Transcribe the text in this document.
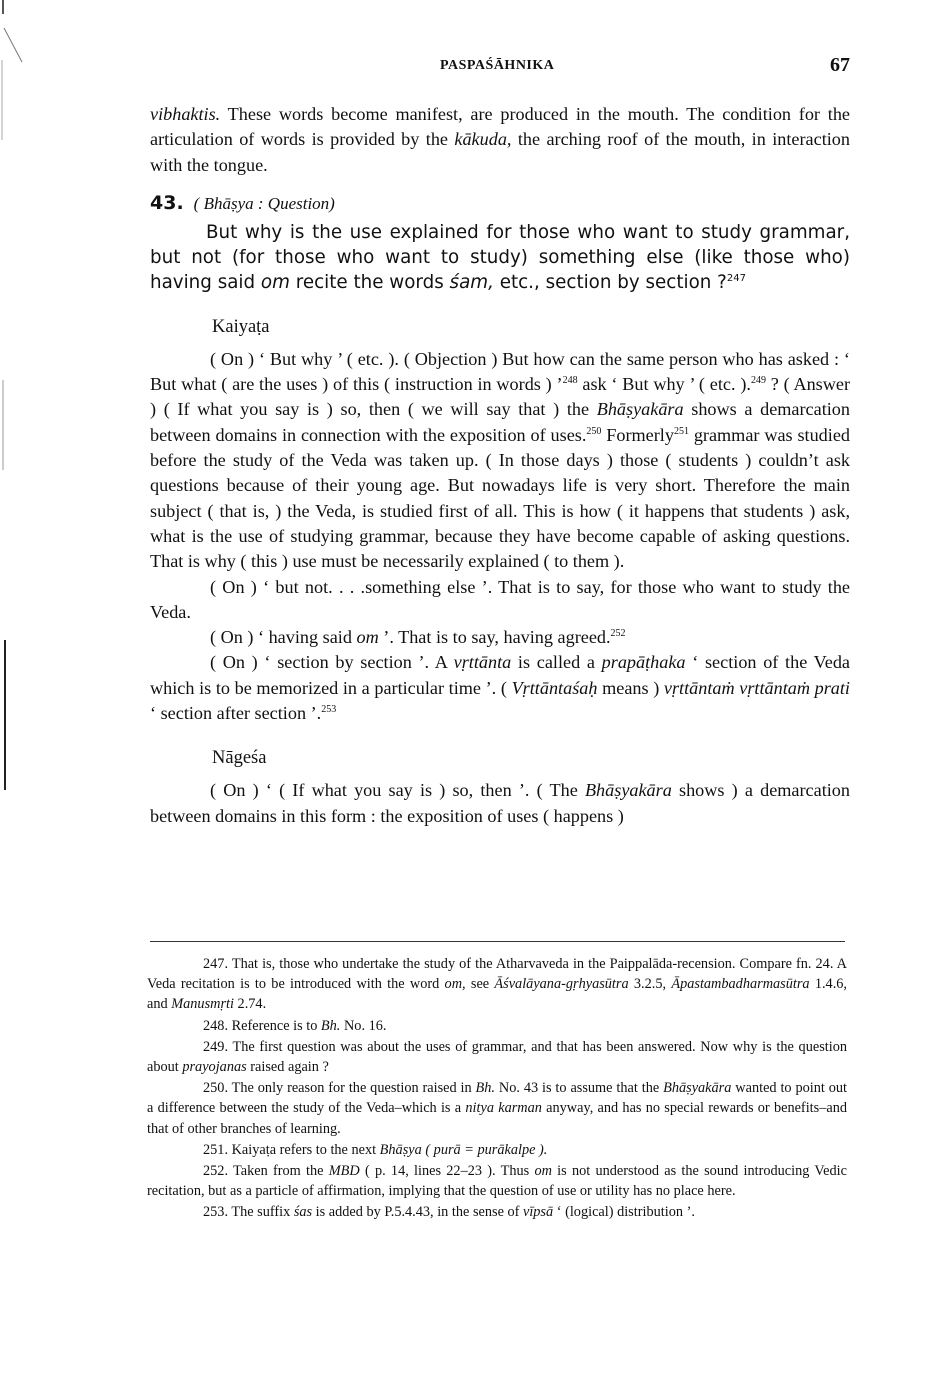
PASPAŚĀHNIKA	67

vibhaktis. These words become manifest, are produced in the mouth. The condition for the articulation of words is provided by the kākuda, the arching roof of the mouth, in interaction with the tongue.

43. ( Bhāṣya : Question)

But why is the use explained for those who want to study grammar, but not (for those who want to study) something else (like those who) having said om recite the words śam, etc., section by section ?$^{247}$

Kaiyaṭa

( On ) ‘ But why ’ ( etc. ). ( Objection ) But how can the same person who has asked : ‘ But what ( are the uses ) of this ( instruction in words ) ’$^{248}$ ask ‘ But why ’ ( etc. ).$^{249}$ ? ( Answer ) ( If what you say is ) so, then ( we will say that ) the Bhāṣyakāra shows a demarcation between domains in connection with the exposition of uses.$^{250}$ Formerly$^{251}$ grammar was studied before the study of the Veda was taken up. ( In those days ) those ( students ) couldn’t ask questions because of their young age. But nowadays life is very short. Therefore the main subject ( that is, ) the Veda, is studied first of all. This is how ( it happens that students ) ask, what is the use of studying grammar, because they have become capable of asking questions. That is why ( this ) use must be necessarily explained ( to them ).

( On ) ‘ but not. . . .something else ’. That is to say, for those who want to study the Veda.

( On ) ‘ having said om ’. That is to say, having agreed.$^{252}$

( On ) ‘ section by section ’. A vṛttānta is called a prapāṭhaka ‘ section of the Veda which is to be memorized in a particular time ’. ( Vṛttāntaśaḥ means ) vṛttāntaṁ vṛttāntaṁ prati ‘ section after section ’.$^{253}$

Nāgeśa

( On ) ‘ ( If what you say is ) so, then ’. ( The Bhāṣyakāra shows ) a demarcation between domains in this form : the exposition of uses ( happens )

247. That is, those who undertake the study of the Atharvaveda in the Paippalāda-recension. Compare fn. 24. A Veda recitation is to be introduced with the word om, see Āśvalāyana-gṛhyasūtra 3.2.5, Āpastambadharmasūtra 1.4.6, and Manusmṛti 2.74.

248. Reference is to Bh. No. 16.

249. The first question was about the uses of grammar, and that has been answered. Now why is the question about prayojanas raised again ?

250. The only reason for the question raised in Bh. No. 43 is to assume that the Bhāṣyakāra wanted to point out a difference between the study of the Veda–which is a nitya karman anyway, and has no special rewards or benefits–and that of other branches of learning.

251. Kaiyaṭa refers to the next Bhāṣya ( purā = purākalpe ).

252. Taken from the MBD ( p. 14, lines 22–23 ). Thus om is not understood as the sound introducing Vedic recitation, but as a particle of affirmation, implying that the question of use or utility has no place here.

253. The suffix śas is added by P.5.4.43, in the sense of vīpsā ‘ (logical) distribution ’.
